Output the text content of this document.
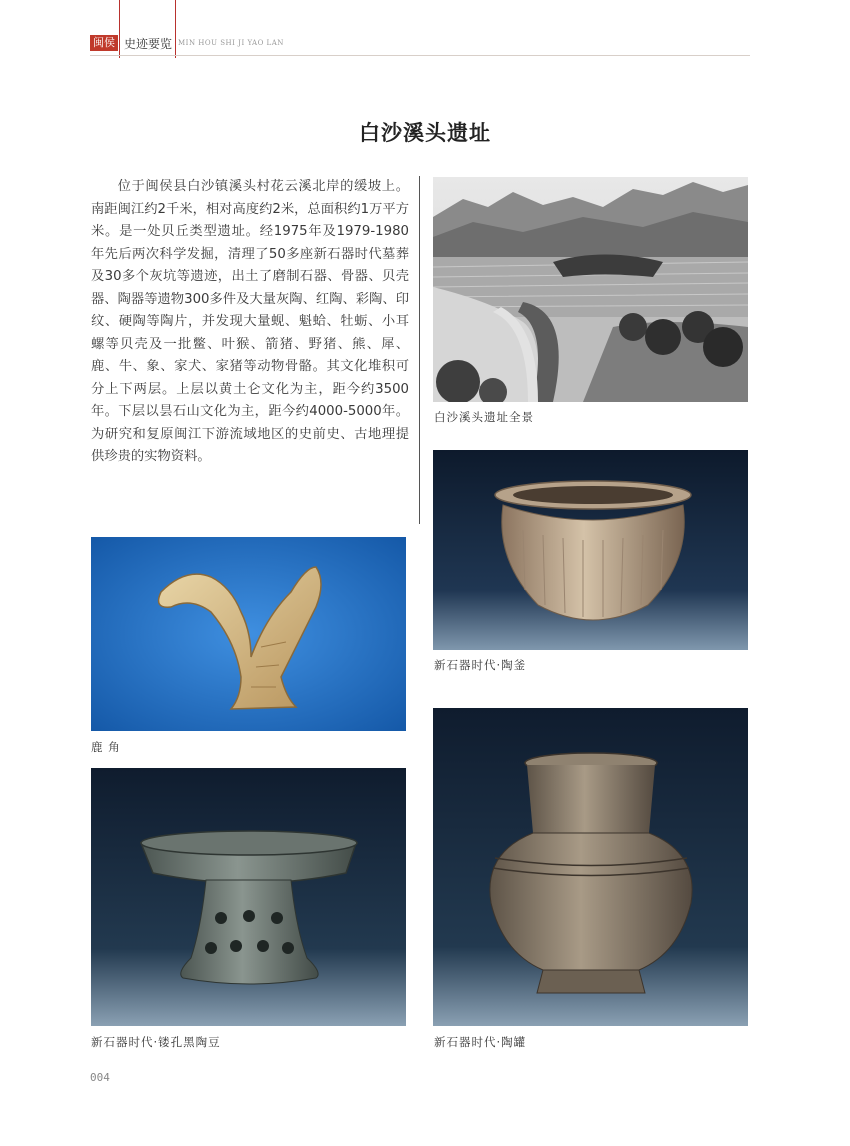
闽侯 史迹要览 MIN HOU SHI JI YAO LAN
白沙溪头遗址
位于闽侯县白沙镇溪头村花云溪北岸的缓坡上。南距闽江约2千米，相对高度约2米，总面积约1万平方米。是一处贝丘类型遗址。经1975年及1979-1980年先后两次科学发掘，清理了50多座新石器时代墓葬及30多个灰坑等遗迹，出土了磨制石器、骨器、贝壳器、陶器等遗物300多件及大量灰陶、红陶、彩陶、印纹、硬陶等陶片，并发现大量蚬、魁蛤、牡蛎、小耳螺等贝壳及一批鳖、叶猴、箭猪、野猪、熊、犀、鹿、牛、象、家犬、家猪等动物骨骼。其文化堆积可分上下两层。上层以黄土仑文化为主，距今约3500年。下层以昙石山文化为主，距今约4000-5000年。为研究和复原闽江下游流域地区的史前史、古地理提供珍贵的实物资料。
白沙溪头遗址全景
鹿 角
新石器时代·陶釜
新石器时代·镂孔黑陶豆	新石器时代·陶罐
004
